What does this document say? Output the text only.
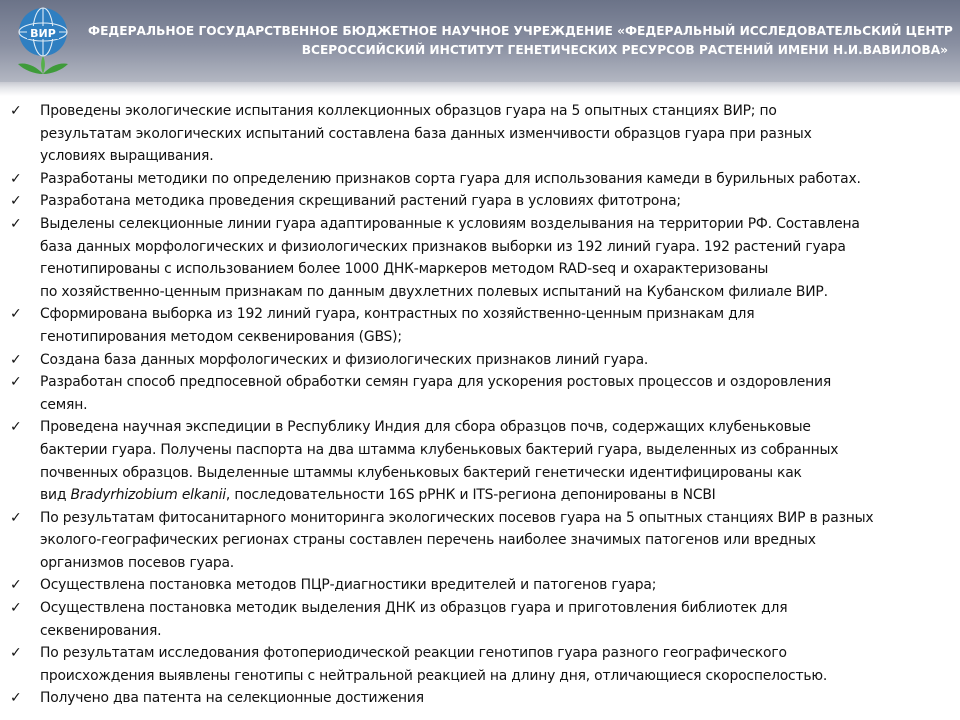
ВИР	ФЕДЕРАЛЬНОЕ ГОСУДАРСТВЕННОЕ БЮДЖЕТНОЕ НАУЧНОЕ УЧРЕЖДЕНИЕ «ФЕДЕРАЛЬНЫЙ ИССЛЕДОВАТЕЛЬСКИЙ ЦЕНТР
ВСЕРОССИЙСКИЙ ИНСТИТУТ ГЕНЕТИЧЕСКИХ РЕСУРСОВ РАСТЕНИЙ ИМЕНИ Н.И.ВАВИЛОВА»
✓	Проведены экологические испытания коллекционных образцов гуара на 5 опытных станциях ВИР; по
результатам экологических испытаний составлена база данных изменчивости образцов гуара при разных
условиях выращивания.
✓	Разработаны методики по определению признаков сорта гуара для использования камеди в бурильных работах.
✓	Разработана методика проведения скрещиваний растений гуара в условиях фитотрона;
✓	Выделены селекционные линии гуара адаптированные к условиям возделывания на территории РФ. Составлена
база данных морфологических и физиологических признаков выборки из 192 линий гуара. 192 растений гуара
генотипированы с использованием более 1000 ДНК-маркеров методом RAD-seq и охарактеризованы
по хозяйственно-ценным признакам по данным двухлетних полевых испытаний на Кубанском филиале ВИР.
✓	Сформирована выборка из 192 линий гуара, контрастных по хозяйственно-ценным признакам для
генотипирования методом секвенирования (GBS);
✓	Создана база данных морфологических и физиологических признаков линий гуара.
✓	Разработан способ предпосевной обработки семян гуара для ускорения ростовых процессов и оздоровления
семян.
✓	Проведена научная экспедиции в Республику Индия для сбора образцов почв, содержащих клубеньковые
бактерии гуара. Получены паспорта на два штамма клубеньковых бактерий гуара, выделенных из собранных
почвенных образцов. Выделенные штаммы клубеньковых бактерий генетически идентифицированы как
вид Bradyrhizobium elkanii, последовательности 16S рРНК и ITS-региона депонированы в NCBI
✓	По результатам фитосанитарного мониторинга экологических посевов гуара на 5 опытных станциях ВИР в разных
эколого-географических регионах страны составлен перечень наиболее значимых патогенов или вредных
организмов посевов гуара.
✓	Осуществлена постановка методов ПЦР-диагностики вредителей и патогенов гуара;
✓	Осуществлена постановка методик выделения ДНК из образцов гуара и приготовления библиотек для
секвенирования.
✓	По результатам исследования фотопериодической реакции генотипов гуара разного географического
происхождения выявлены генотипы с нейтральной реакцией на длину дня, отличающиеся скороспелостью.
✓	Получено два патента на селекционные достижения
